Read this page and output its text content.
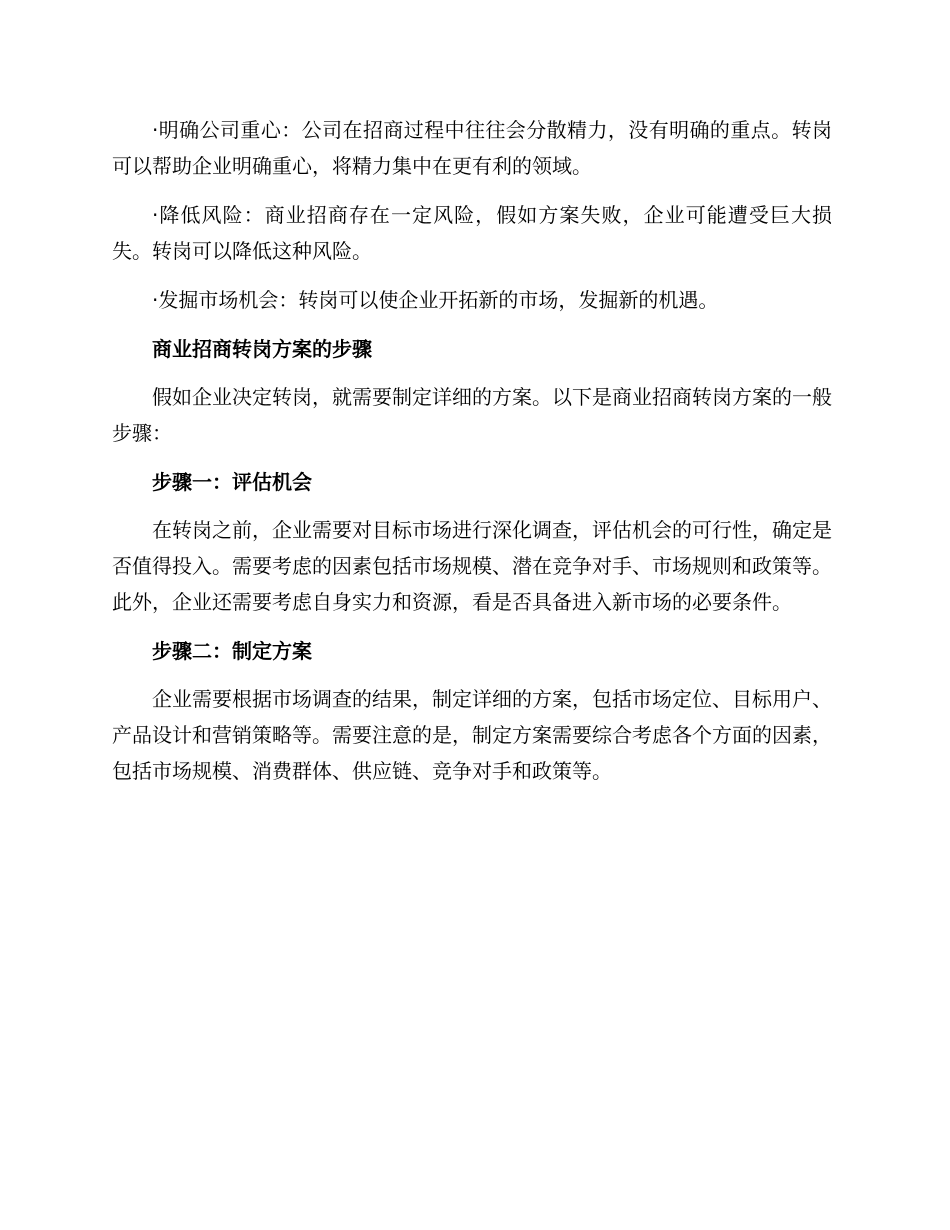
·明确公司重心：公司在招商过程中往往会分散精力，没有明确的重点。转岗可以帮助企业明确重心，将精力集中在更有利的领域。

·降低风险：商业招商存在一定风险，假如方案失败，企业可能遭受巨大损失。转岗可以降低这种风险。

·发掘市场机会：转岗可以使企业开拓新的市场，发掘新的机遇。

商业招商转岗方案的步骤

假如企业决定转岗，就需要制定详细的方案。以下是商业招商转岗方案的一般步骤：

步骤一：评估机会

在转岗之前，企业需要对目标市场进行深化调查，评估机会的可行性，确定是否值得投入。需要考虑的因素包括市场规模、潜在竞争对手、市场规则和政策等。此外，企业还需要考虑自身实力和资源，看是否具备进入新市场的必要条件。

步骤二：制定方案

企业需要根据市场调查的结果，制定详细的方案，包括市场定位、目标用户、产品设计和营销策略等。需要注意的是，制定方案需要综合考虑各个方面的因素，包括市场规模、消费群体、供应链、竞争对手和政策等。
